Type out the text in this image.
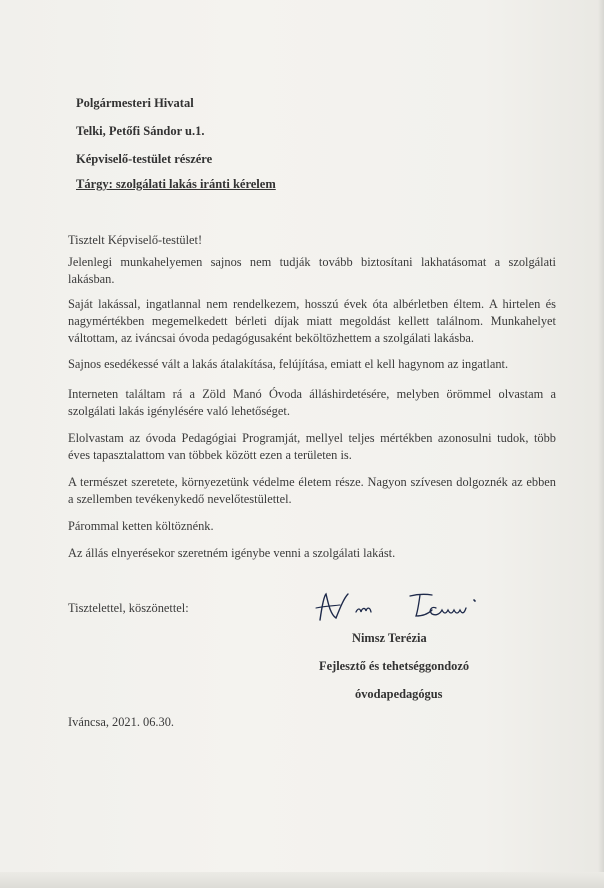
Polgármesteri Hivatal
Telki, Petőfi Sándor u.1.
Képviselő-testület részére
Tárgy: szolgálati lakás iránti kérelem
Tisztelt Képviselő-testület!
Jelenlegi munkahelyemen sajnos nem tudják tovább biztosítani lakhatásomat a szolgálati lakásban.
Saját lakással, ingatlannal nem rendelkezem, hosszú évek óta albérletben éltem. A hirtelen és nagymértékben megemelkedett bérleti díjak miatt megoldást kellett találnom. Munkahelyet váltottam, az iváncsai óvoda pedagógusaként beköltözhettem a szolgálati lakásba.
Sajnos esedékessé vált a lakás átalakítása, felújítása, emiatt el kell hagynom az ingatlant.
Interneten találtam rá a Zöld Manó Óvoda álláshirdetésére, melyben örömmel olvastam a szolgálati lakás igénylésére való lehetőséget.
Elolvastam az óvoda Pedagógiai Programját, mellyel teljes mértékben azonosulni tudok, több éves tapasztalattom van többek között ezen a területen is.
A természet szeretete, környezetünk védelme életem része. Nagyon szívesen dolgoznék az ebben a szellemben tevékenykedő nevelőtestülettel.
Párommal ketten költöznénk.
Az állás elnyerésekor szeretném igénybe venni a szolgálati lakást.
Tisztelettel, köszönettel:
Nimsz Terézia
Fejlesztő és tehetséggondozó
óvodapedagógus
Iváncsa, 2021. 06.30.
